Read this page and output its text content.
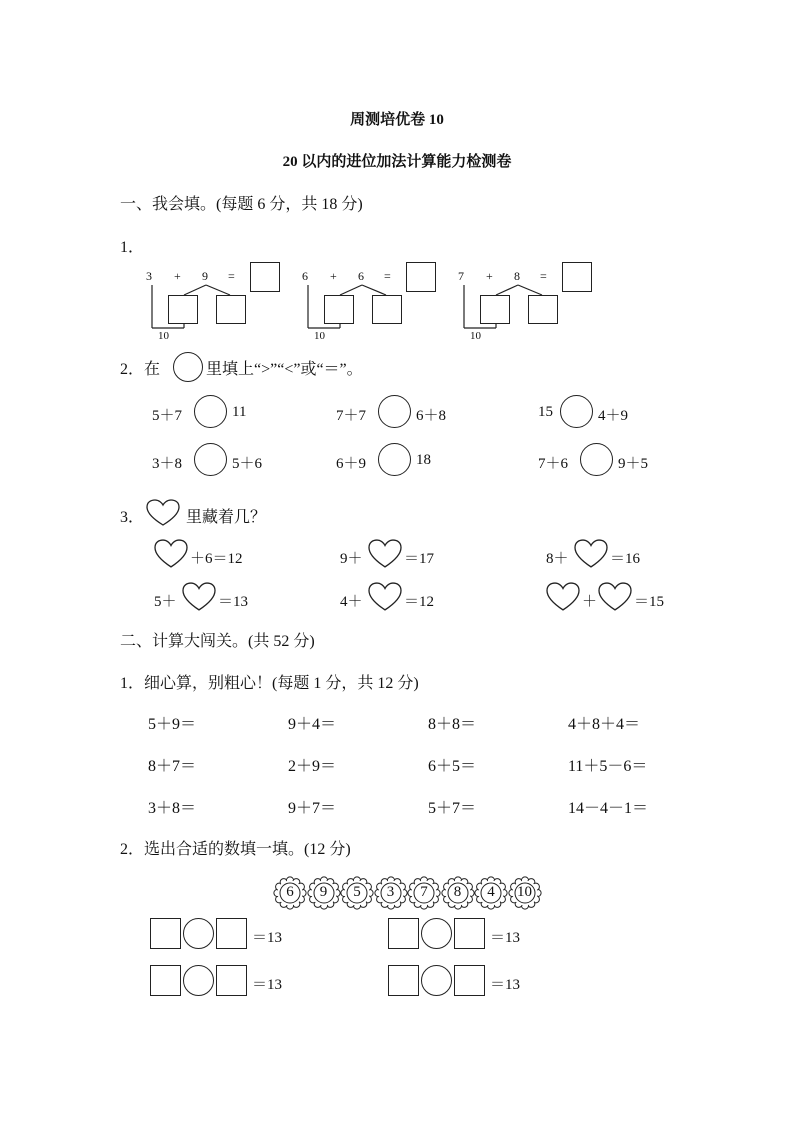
周测培优卷 10
20 以内的进位加法计算能力检测卷
一、我会填。(每题 6 分，共 18 分)
1．
3 + 9 =
10
6 + 6 =
10
7 + 8 =
10
2．在	里填上“>”“<”或“＝”。
5＋7	11	7＋7	6＋8	15	4＋9
3＋8	5＋6	6＋9	18	7＋6	9＋5
3．	里藏着几？
＋6＝12	9＋	＝17	8＋	＝16
5＋	＝13	4＋	＝12	＋ ＝15
二、计算大闯关。(共 52 分)
1．细心算，别粗心！(每题 1 分，共 12 分)
5＋9＝	9＋4＝	8＋8＝	4＋8＋4＝
8＋7＝	2＋9＝	6＋5＝	11＋5－6＝
3＋8＝	9＋7＝	5＋7＝	14－4－1＝
2．选出合适的数填一填。(12 分)
6	9	5	3	7	8	4	10
＝13	＝13
＝13	＝13
